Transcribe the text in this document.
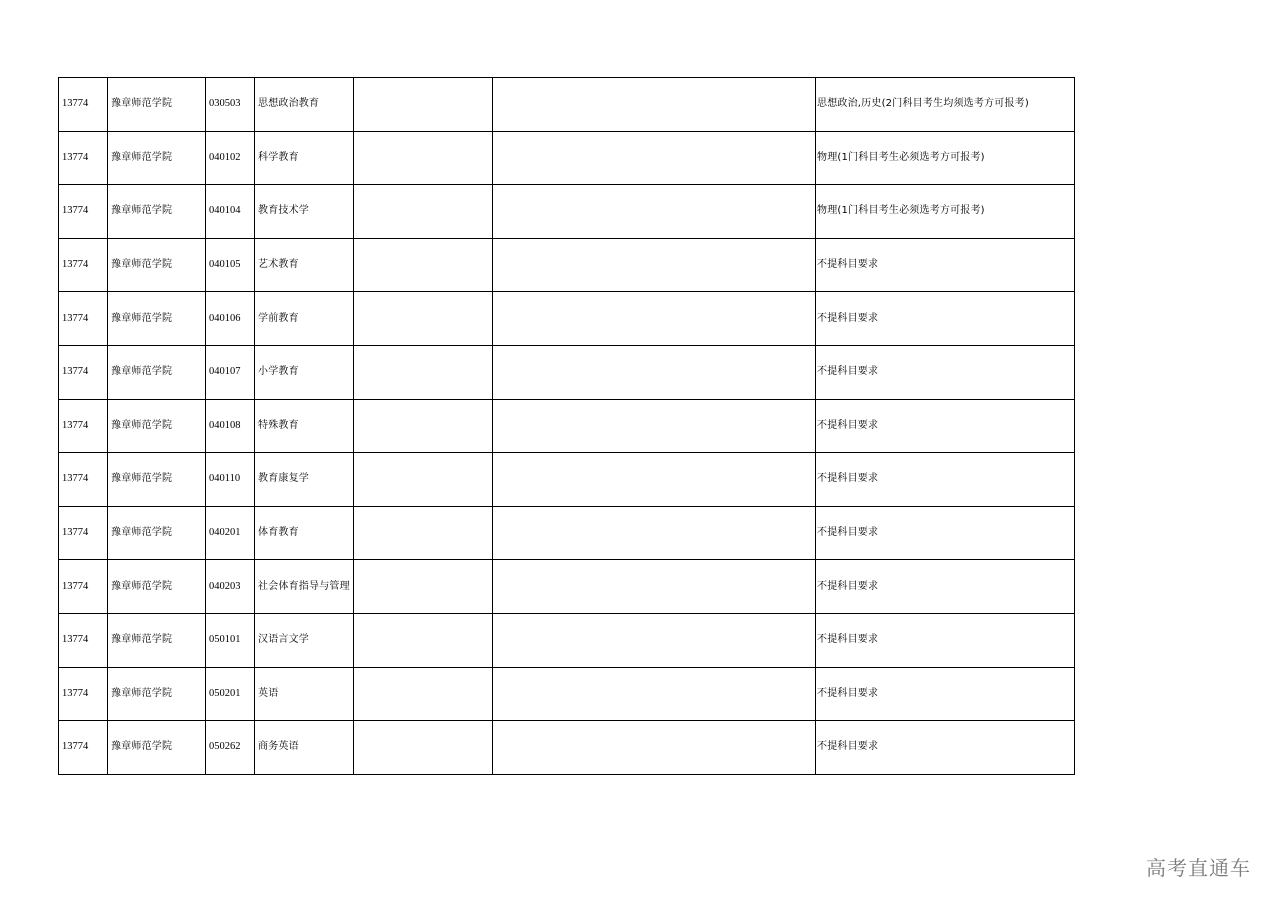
13774	豫章师范学院	030503	思想政治教育			思想政治,历史(2门科目考生均须选考方可报考)
13774	豫章师范学院	040102	科学教育			物理(1门科目考生必须选考方可报考)
13774	豫章师范学院	040104	教育技术学			物理(1门科目考生必须选考方可报考)
13774	豫章师范学院	040105	艺术教育			不提科目要求
13774	豫章师范学院	040106	学前教育			不提科目要求
13774	豫章师范学院	040107	小学教育			不提科目要求
13774	豫章师范学院	040108	特殊教育			不提科目要求
13774	豫章师范学院	040110	教育康复学			不提科目要求
13774	豫章师范学院	040201	体育教育			不提科目要求
13774	豫章师范学院	040203	社会体育指导与管理			不提科目要求
13774	豫章师范学院	050101	汉语言文学			不提科目要求
13774	豫章师范学院	050201	英语			不提科目要求
13774	豫章师范学院	050262	商务英语			不提科目要求
高考直通车
